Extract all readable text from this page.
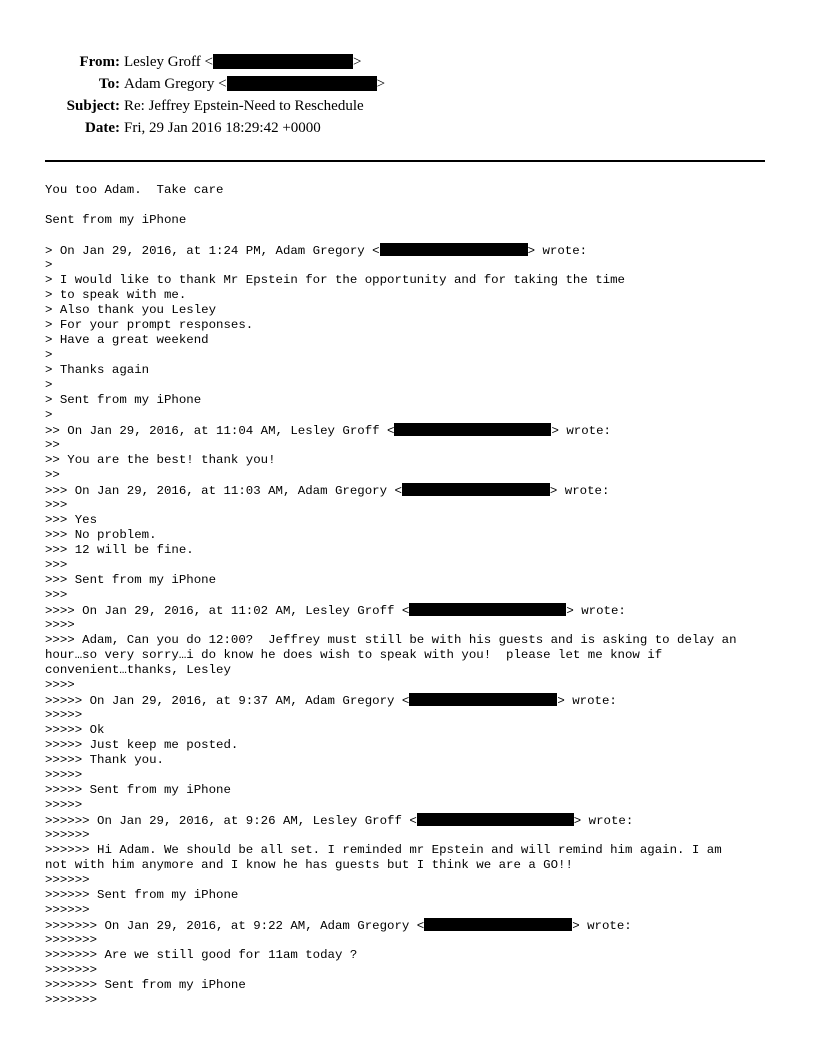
From: Lesley Groff <	>
To: Adam Gregory <	>
Subject: Re: Jeffrey Epstein-Need to Reschedule
Date: Fri, 29 Jan 2016 18:29:42 +0000
You too Adam.  Take care
Sent from my iPhone
> On Jan 29, 2016, at 1:24 PM, Adam Gregory <	> wrote:
>
> I would like to thank Mr Epstein for the opportunity and for taking the time
> to speak with me.
> Also thank you Lesley
> For your prompt responses.
> Have a great weekend
>
> Thanks again
>
> Sent from my iPhone
>
>> On Jan 29, 2016, at 11:04 AM, Lesley Groff <	> wrote:
>>
>> You are the best! thank you!
>>
>>> On Jan 29, 2016, at 11:03 AM, Adam Gregory <	> wrote:
>>>
>>> Yes
>>> No problem.
>>> 12 will be fine.
>>>
>>> Sent from my iPhone
>>>
>>>> On Jan 29, 2016, at 11:02 AM, Lesley Groff <	> wrote:
>>>>
>>>> Adam, Can you do 12:00?  Jeffrey must still be with his guests and is asking to delay an
hour…so very sorry…i do know he does wish to speak with you!  please let me know if
convenient…thanks, Lesley
>>>>
>>>>> On Jan 29, 2016, at 9:37 AM, Adam Gregory <	> wrote:
>>>>>
>>>>> Ok
>>>>> Just keep me posted.
>>>>> Thank you.
>>>>>
>>>>> Sent from my iPhone
>>>>>
>>>>>> On Jan 29, 2016, at 9:26 AM, Lesley Groff <	> wrote:
>>>>>>
>>>>>> Hi Adam. We should be all set. I reminded mr Epstein and will remind him again. I am
not with him anymore and I know he has guests but I think we are a GO!!
>>>>>>
>>>>>> Sent from my iPhone
>>>>>>
>>>>>>> On Jan 29, 2016, at 9:22 AM, Adam Gregory <	> wrote:
>>>>>>>
>>>>>>> Are we still good for 11am today ?
>>>>>>>
>>>>>>> Sent from my iPhone
>>>>>>>
